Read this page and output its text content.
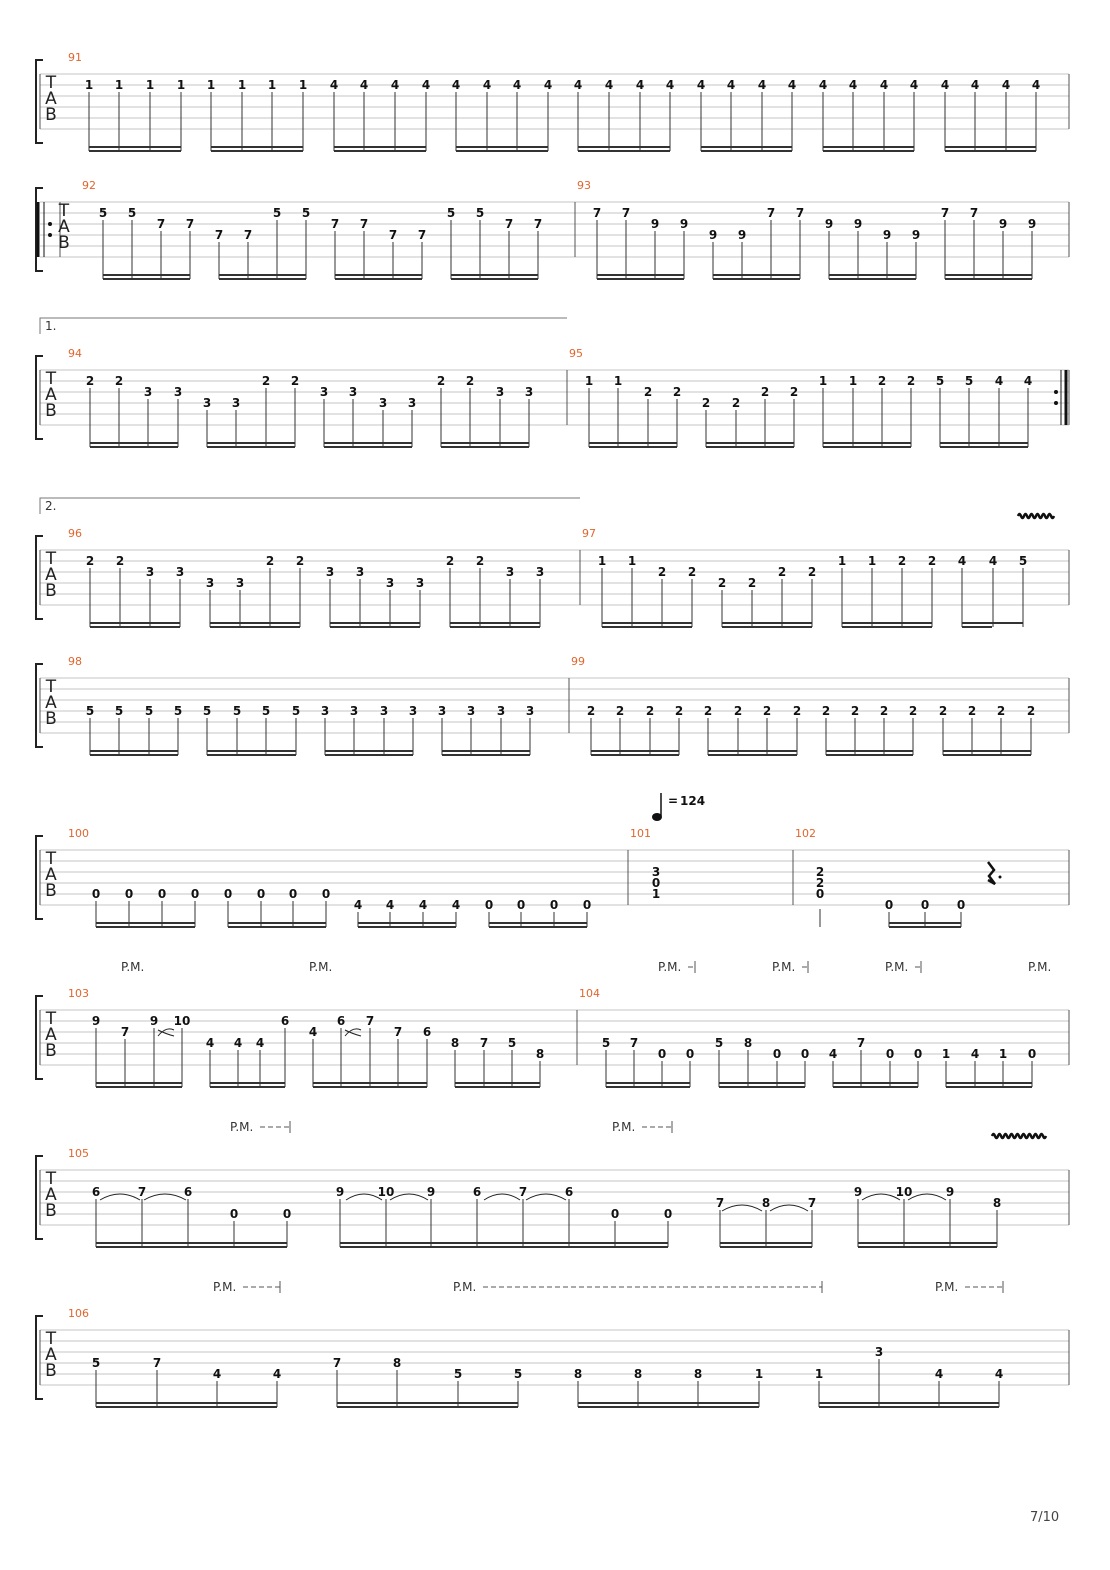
T
A
B
91
1 1 1 1 1 1 1 1 4 4 4 4 4 4 4 4 4 4 4 4 4 4 4 4 4 4 4 4 4 4 4 4
T
A
B
92
5 5
7 7
7 7
5 5
7 7
7 7
5 5
7 7
93
7 7
9 9
9 9
7 7
9 9
9 9
7 7
9 9
T
A
B
1.
94
2 2
3 3
3 3
2 2
3 3
3 3
2 2
3 3
95
1 1
2 2
2 2
2 2
1 1 2 2 5 5 4 4
T
A
B
2.
96
2 2
3 3
3 3
2 2
3 3
3 3
2 2
3 3
97
1 1
2 2
2 2
2 2
1 1 2 2 4 4 5
T
A
B
98
5 5 5 5 5 5 5 5 3 3 3 3 3 3 3 3
99
2 2 2 2 2 2 2 2 2 2 2 2 2 2 2 2
T
A
B
100
0 0 0 0 0 0 0 0
4 4 4 4 0 0 0 0
101
3
0
1
102
2
2
0
0 0 0
T
A
B
103
9
7
9 10
4 4 4
6
4
6 7
7 6
8 7 5
8
104
5 7
0 0
5 8
0 0 4
7
0 0 1 4 1 0
T
A
B
105
6	7	6
0	0
9	10	9	6	7	6
0	0
7	8	7
9	10	9
8
T
A
B
106
5	7
4	4
7	8
5	5	8	8	8	1	1
3
4	4
= 124
P.M.	P.M.	P.M.	P.M.	P.M.	P.M.
P.M.	P.M.
P.M.	P.M.	P.M.
7/10
